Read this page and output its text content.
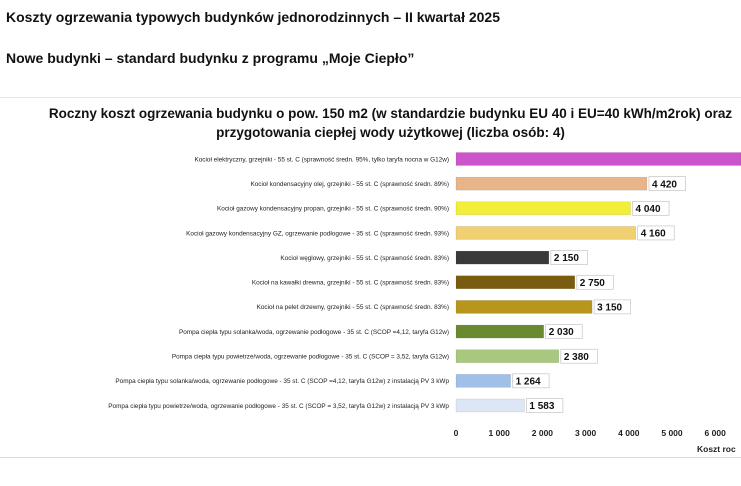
Koszty ogrzewania typowych budynków jednorodzinnych – II kwartał 2025
Nowe budynki – standard budynku z programu „Moje Ciepło”
Roczny koszt ogrzewania budynku o pow. 150 m2 (w standardzie budynku EU 40 i EU=40 kWh/m2rok) oraz
przygotowania ciepłej wody użytkowej (liczba osób: 4)
Kocioł elektryczny, grzejniki - 55 st. C (sprawność średn. 95%, tylko taryfa nocna w G12w)
Kocioł kondensacyjny olej, grzejniki - 55 st. C (sprawność średn. 89%)	4 420
Kocioł gazowy kondensacyjny propan, grzejniki - 55 st. C (sprawność średn. 90%)	4 040
Kocioł gazowy kondensacyjny GZ, ogrzewanie podłogowe - 35 st. C (sprawność średn. 93%)	4 160
Kocioł węglowy, grzejniki - 55 st. C (sprawność średn. 83%)	2 150
Kocioł na kawałki drewna, grzejniki - 55 st. C (sprawność średn. 83%)	2 750
Kocioł na pelet drzewny, grzejniki - 55 st. C (sprawność średn. 83%)	3 150
Pompa ciepła typu solanka/woda, ogrzewanie podłogowe - 35 st. C (SCOP =4,12, taryfa G12w)	2 030
Pompa ciepła typu powietrze/woda, ogrzewanie podłogowe - 35 st. C (SCOP = 3,52, taryfa G12w)	2 380
Pompa ciepła typu solanka/woda, ogrzewanie podłogowe - 35 st. C (SCOP =4,12, taryfa G12w) z instalacją PV 3 kWp	1 264
Pompa ciepła typu powietrze/woda, ogrzewanie podłogowe - 35 st. C (SCOP = 3,52, taryfa G12w) z instalacją PV 3 kWp	1 583
0	1 000	2 000	3 000	4 000	5 000	6 000
Koszt roc
